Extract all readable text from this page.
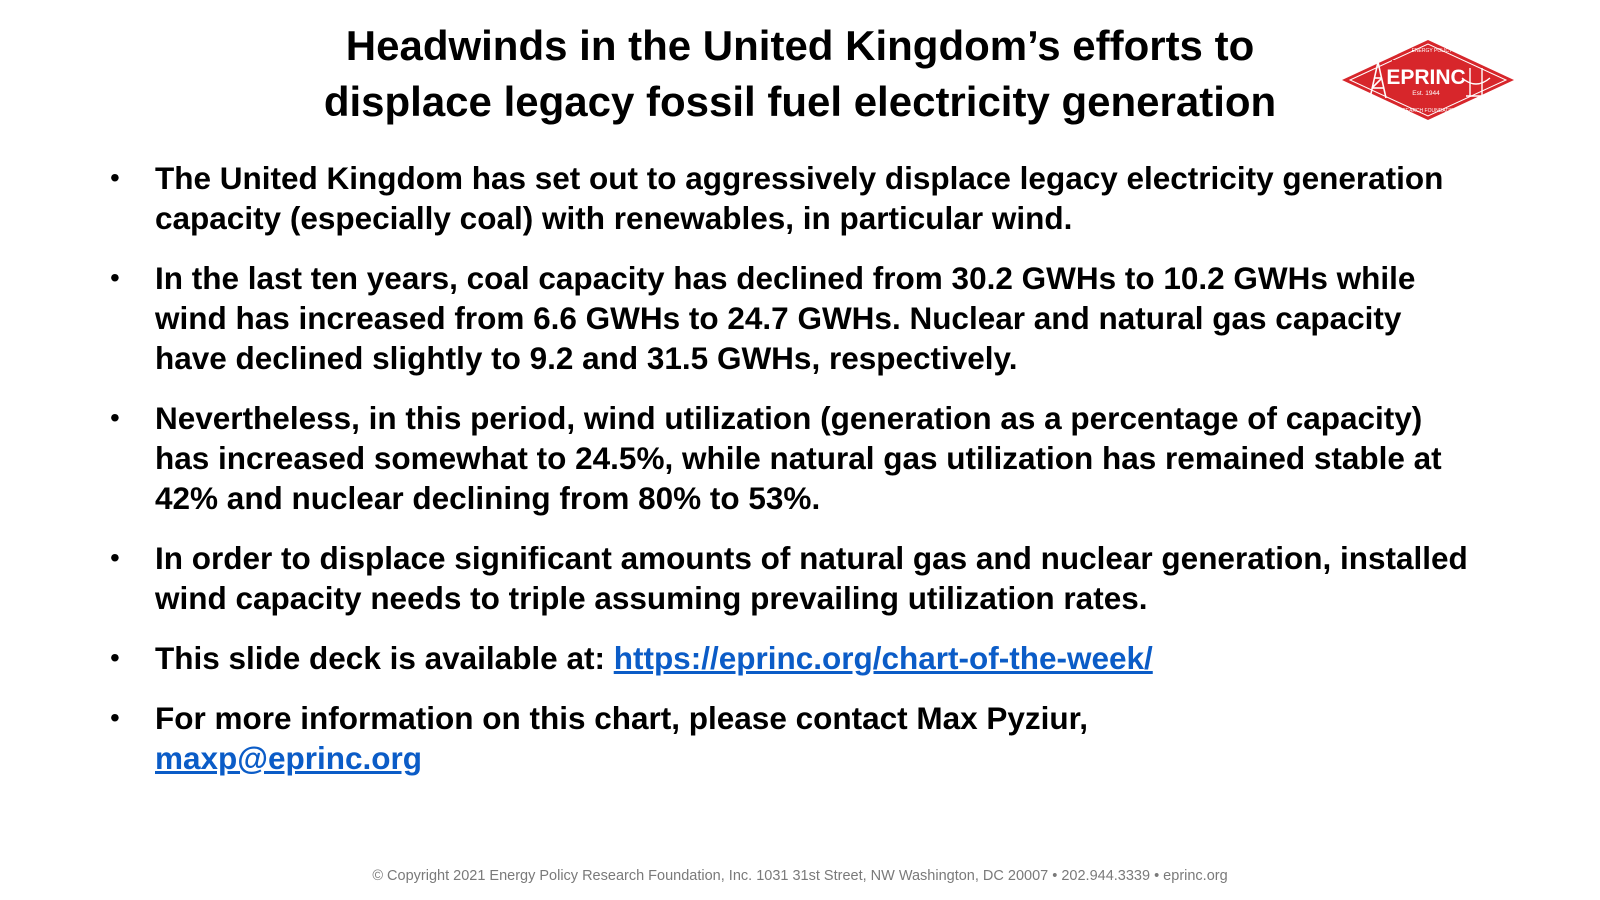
Headwinds in the United Kingdom’s efforts to
displace legacy fossil fuel electricity generation
EPRINC
Est. 1944
ENERGY POLICY
RESEARCH FOUNDATION INC.
• The United Kingdom has set out to aggressively displace legacy electricity generation capacity (especially coal) with renewables, in particular wind.
• In the last ten years, coal capacity has declined from 30.2 GWHs to 10.2 GWHs while wind has increased from 6.6 GWHs to 24.7 GWHs. Nuclear and natural gas capacity have declined slightly to 9.2 and 31.5 GWHs, respectively.
• Nevertheless, in this period, wind utilization (generation as a percentage of capacity) has increased somewhat to 24.5%, while natural gas utilization has remained stable at 42% and nuclear declining from 80% to 53%.
• In order to displace significant amounts of natural gas and nuclear generation, installed wind capacity needs to triple assuming prevailing utilization rates.
• This slide deck is available at: https://eprinc.org/chart-of-the-week/
• For more information on this chart, please contact Max Pyziur,
maxp@eprinc.org
© Copyright 2021 Energy Policy Research Foundation, Inc. 1031 31st Street, NW Washington, DC 20007 • 202.944.3339 • eprinc.org
